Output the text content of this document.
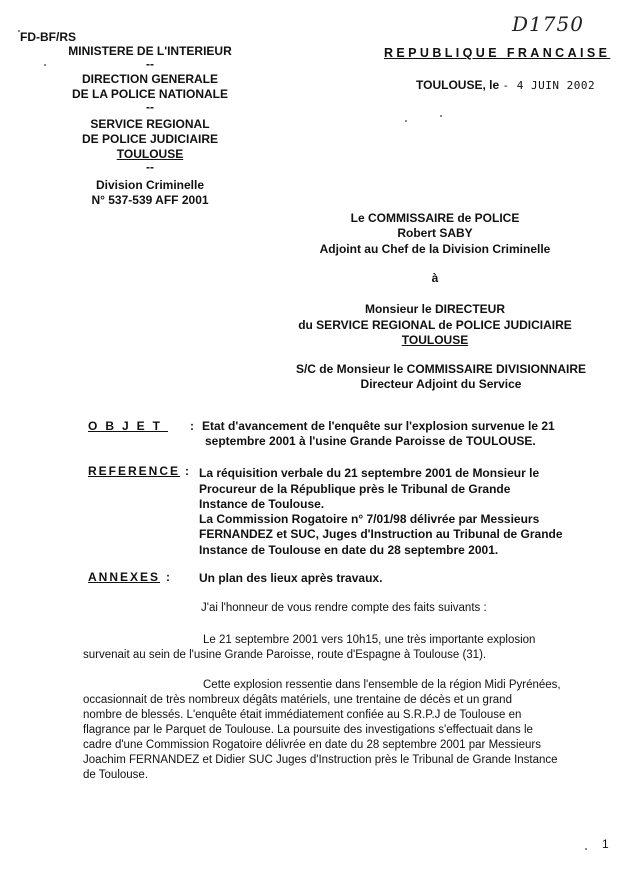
D1750
FD-BF/RS
MINISTERE DE L'INTERIEUR
--
DIRECTION GENERALE
DE LA POLICE NATIONALE
--
SERVICE REGIONAL
DE POLICE JUDICIAIRE
TOULOUSE
--
Division Criminelle
N° 537-539 AFF 2001
REPUBLIQUE FRANCAISE
TOULOUSE, le - 4 JUIN 2002
Le COMMISSAIRE de POLICE
Robert SABY
Adjoint au Chef de la Division Criminelle
à
Monsieur le DIRECTEUR
du SERVICE REGIONAL de POLICE JUDICIAIRE
TOULOUSE
S/C de Monsieur le COMMISSAIRE DIVISIONNAIRE
Directeur Adjoint du Service
OBJET : Etat d'avancement de l'enquête sur l'explosion survenue le 21
septembre 2001 à l'usine Grande Paroisse de TOULOUSE.
REFERENCE : La réquisition verbale du 21 septembre 2001 de Monsieur le
Procureur de la République près le Tribunal de Grande
Instance de Toulouse.
La Commission Rogatoire n° 7/01/98 délivrée par Messieurs
FERNANDEZ et SUC, Juges d'Instruction au Tribunal de Grande
Instance de Toulouse en date du 28 septembre 2001.
ANNEXES : Un plan des lieux après travaux.
J'ai l'honneur de vous rendre compte des faits suivants :
Le 21 septembre 2001 vers 10h15, une très importante explosion
survenait au sein de l'usine Grande Paroisse, route d'Espagne à Toulouse (31).
Cette explosion ressentie dans l'ensemble de la région Midi Pyrénées,
occasionnait de très nombreux dégâts matériels, une trentaine de décès et un grand
nombre de blessés. L'enquête était immédiatement confiée au S.R.P.J de Toulouse en
flagrance par le Parquet de Toulouse. La poursuite des investigations s'effectuait dans le
cadre d'une Commission Rogatoire délivrée en date du 28 septembre 2001 par Messieurs
Joachim FERNANDEZ et Didier SUC Juges d'Instruction près le Tribunal de Grande Instance
de Toulouse.
1
